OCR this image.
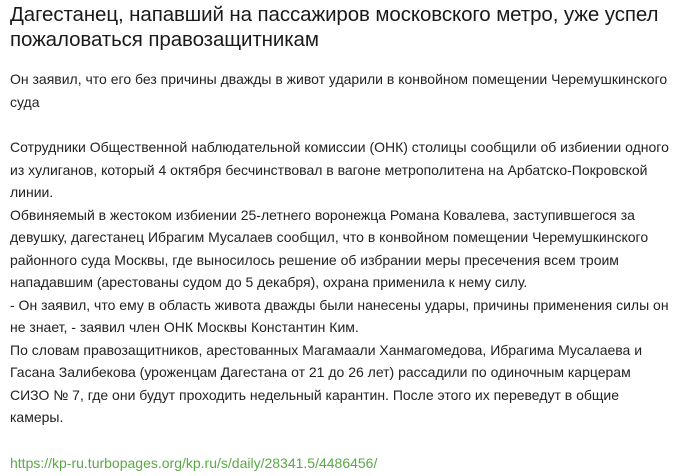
Дагестанец, напавший на пассажиров московского метро, уже успел пожаловаться правозащитникам
Он заявил, что его без причины дважды в живот ударили в конвойном помещении Черемушкинского суда

Сотрудники Общественной наблюдательной комиссии (ОНК) столицы сообщили об избиении одного из хулиганов, который 4 октября бесчинствовал в вагоне метрополитена на Арбатско-Покровской линии.

Обвиняемый в жестоком избиении 25-летнего воронежца Романа Ковалева, заступившегося за девушку, дагестанец Ибрагим Мусалаев сообщил, что в конвойном помещении Черемушкинского районного суда Москвы, где выносилось решение об избрании меры пресечения всем троим нападавшим (арестованы судом до 5 декабря), охрана применила к нему силу.

- Он заявил, что ему в область живота дважды были нанесены удары, причины применения силы он не знает, - заявил член ОНК Москвы Константин Ким.

По словам правозащитников, арестованных Магамаали Ханмагомедова, Ибрагима Мусалаева и Гасана Залибекова (уроженцам Дагестана от 21 до 26 лет) рассадили по одиночным карцерам СИЗО № 7, где они будут проходить недельный карантин. После этого их переведут в общие камеры.

https://kp-ru.turbopages.org/kp.ru/s/daily/28341.5/4486456/
